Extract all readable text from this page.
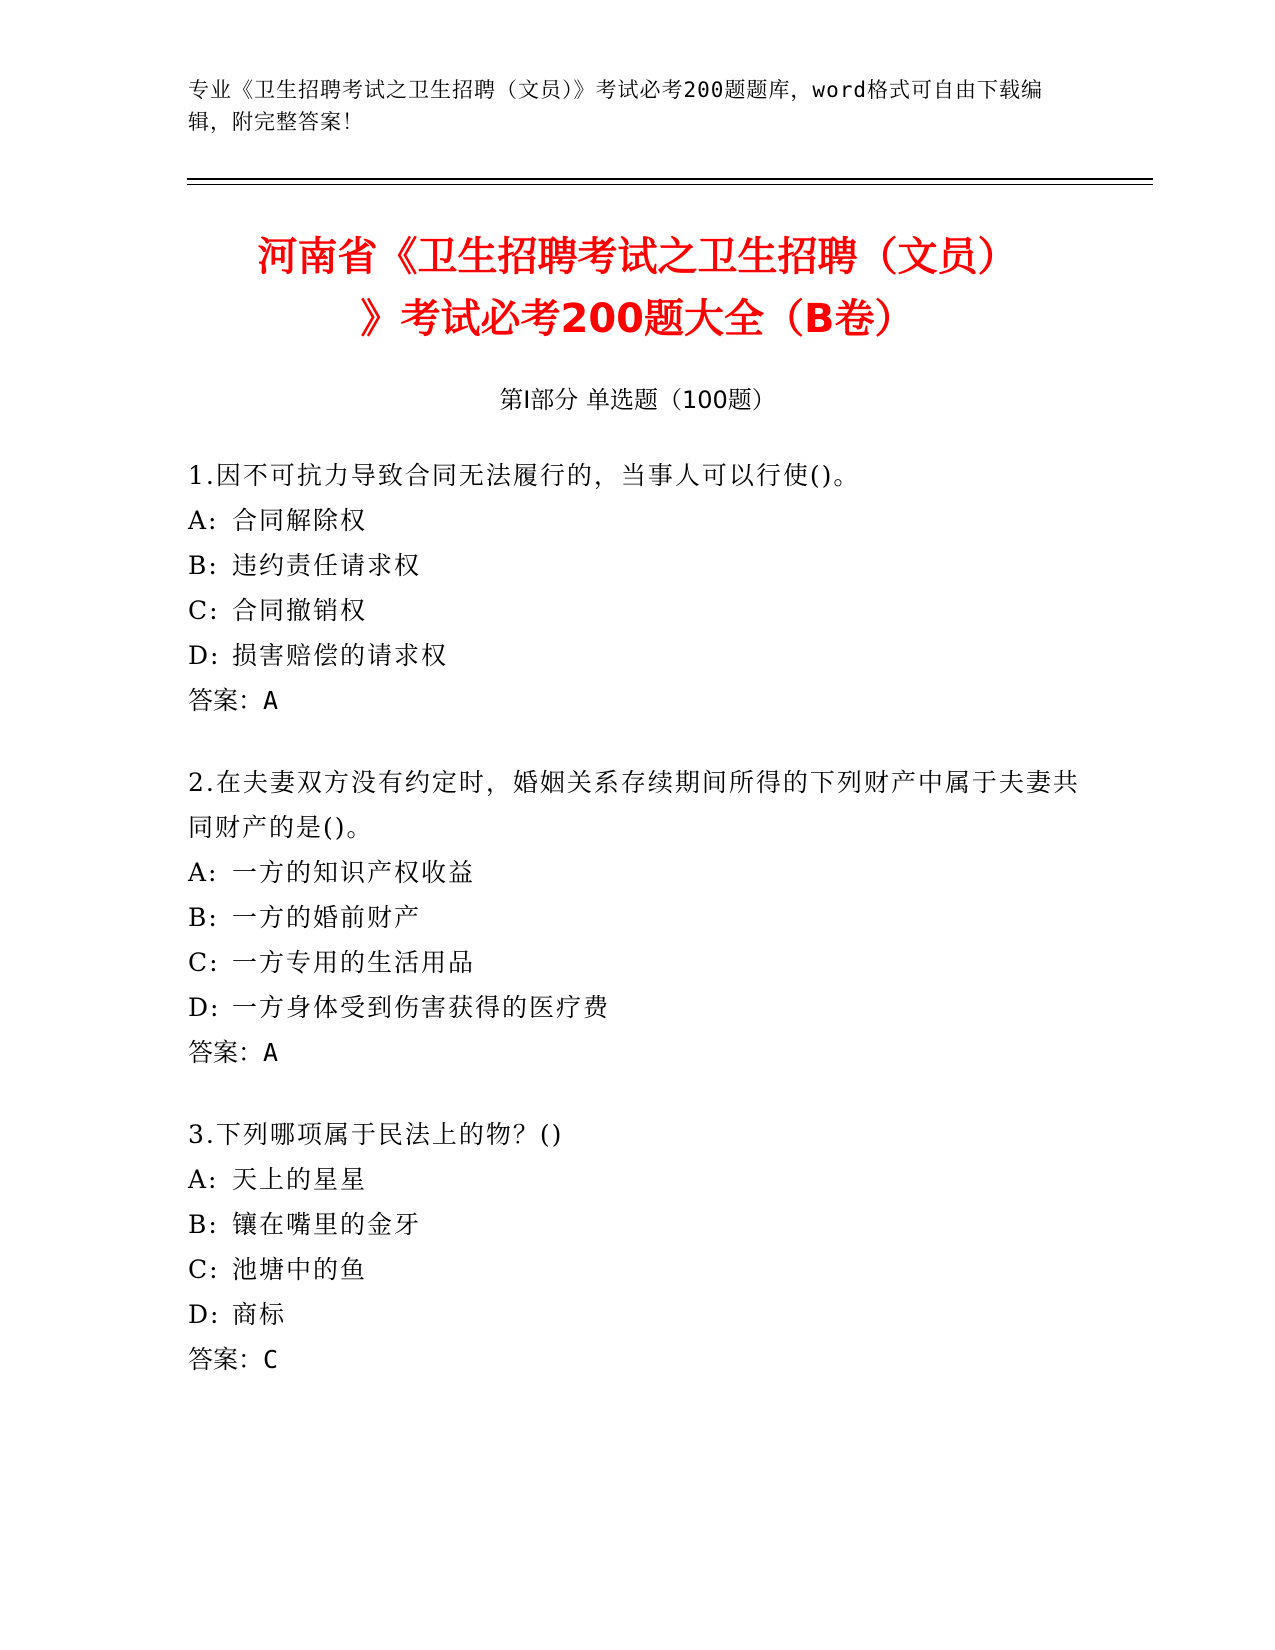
专业《卫生招聘考试之卫生招聘（文员）》考试必考200题题库，word格式可自由下载编辑，附完整答案！
河南省《卫生招聘考试之卫生招聘（文员）
》考试必考200题大全（B卷）
第Ⅰ部分 单选题（100题）

1.因不可抗力导致合同无法履行的，当事人可以行使()。

A: 合同解除权

B: 违约责任请求权

C: 合同撤销权

D: 损害赔偿的请求权

答案：A

2.在夫妻双方没有约定时，婚姻关系存续期间所得的下列财产中属于夫妻共同财产的是()。

A: 一方的知识产权收益

B: 一方的婚前财产

C: 一方专用的生活用品

D: 一方身体受到伤害获得的医疗费

答案：A

3.下列哪项属于民法上的物？()

A: 天上的星星

B: 镶在嘴里的金牙

C: 池塘中的鱼

D: 商标

答案：C
